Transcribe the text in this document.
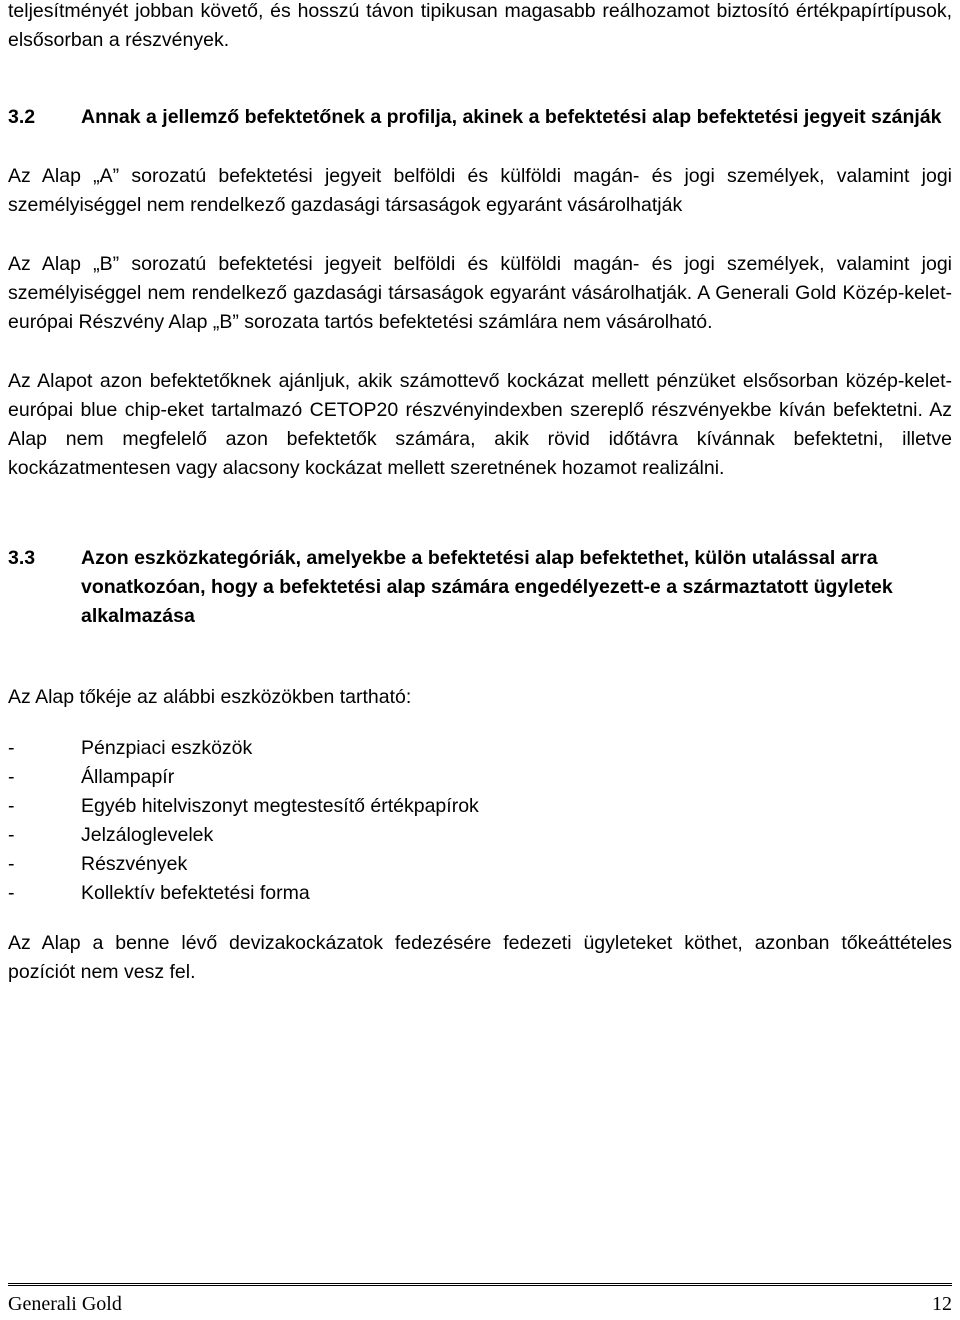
teljesítményét jobban követő, és hosszú távon tipikusan magasabb reálhozamot biztosító értékpapírtípusok, elsősorban a részvények.

3.2	Annak a jellemző befektetőnek a profilja, akinek a befektetési alap befektetési jegyeit szánják

Az Alap „A” sorozatú befektetési jegyeit belföldi és külföldi magán- és jogi személyek, valamint jogi személyiséggel nem rendelkező gazdasági társaságok egyaránt vásárolhatják

Az Alap „B” sorozatú befektetési jegyeit belföldi és külföldi magán- és jogi személyek, valamint jogi személyiséggel nem rendelkező gazdasági társaságok egyaránt vásárolhatják. A Generali Gold Közép-kelet-európai Részvény Alap „B” sorozata tartós befektetési számlára nem vásárolható.

Az Alapot azon befektetőknek ajánljuk, akik számottevő kockázat mellett pénzüket elsősorban közép-kelet-európai blue chip-eket tartalmazó CETOP20 részvényindexben szereplő részvényekbe kíván befektetni. Az Alap nem megfelelő azon befektetők számára, akik rövid időtávra kívánnak befektetni, illetve kockázatmentesen vagy alacsony kockázat mellett szeretnének hozamot realizálni.

3.3	Azon eszközkategóriák, amelyekbe a befektetési alap befektethet, külön utalással arra vonatkozóan, hogy a befektetési alap számára engedélyezett-e a származtatott ügyletek alkalmazása

Az Alap tőkéje az alábbi eszközökben tartható:

-	Pénzpiaci eszközök
-	Állampapír
-	Egyéb hitelviszonyt megtestesítő értékpapírok
-	Jelzáloglevelek
-	Részvények
-	Kollektív befektetési forma

Az Alap a benne lévő devizakockázatok fedezésére fedezeti ügyleteket köthet, azonban tőkeáttételes pozíciót nem vesz fel.

Generali Gold	12
